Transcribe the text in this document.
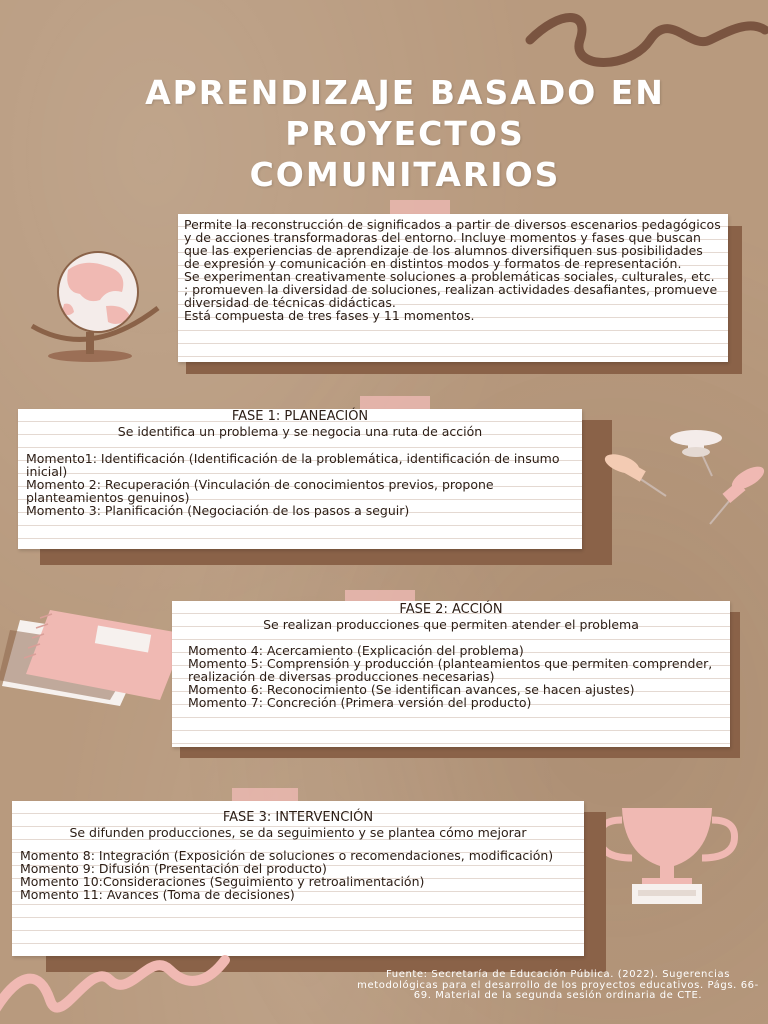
APRENDIZAJE BASADO EN
PROYECTOS
COMUNITARIOS

Permite la reconstrucción de significados a partir de diversos escenarios pedagógicos y de acciones transformadoras del entorno. Incluye momentos y fases que buscan que las experiencias de aprendizaje de los alumnos diversifiquen sus posibilidades de expresión y comunicación en distintos modos y formatos de representación.

Se experimentan creativamente soluciones a problemáticas sociales, culturales, etc. ; promueven la diversidad de soluciones, realizan actividades desafiantes, promueve diversidad de técnicas didácticas.

Está compuesta de tres fases y 11 momentos.

FASE 1: PLANEACIÓN
Se identifica un problema y se negocia una ruta de acción
Momento1: Identificación (Identificación de la problemática, identificación de insumo inicial)
Momento 2: Recuperación (Vinculación de conocimientos previos, propone planteamientos genuinos)
Momento 3: Planificación (Negociación de los pasos a seguir)
FASE 2: ACCIÓN
Se realizan producciones que permiten atender el problema
Momento 4: Acercamiento (Explicación del problema)
Momento 5: Comprensión y producción (planteamientos que permiten comprender, realización de diversas producciones necesarias)
Momento 6: Reconocimiento (Se identifican avances, se hacen ajustes)
Momento 7: Concreción (Primera versión del producto)
FASE 3: INTERVENCIÓN
Se difunden producciones, se da seguimiento y se plantea cómo mejorar
Momento 8: Integración (Exposición de soluciones o recomendaciones, modificación)
Momento 9: Difusión (Presentación del producto)
Momento 10:Consideraciones (Seguimiento y retroalimentación)
Momento 11: Avances (Toma de decisiones)
Fuente: Secretaría de Educación Pública. (2022). Sugerencias metodológicas para el desarrollo de los proyectos educativos. Págs. 66-69. Material de la segunda sesión ordinaria de CTE.
